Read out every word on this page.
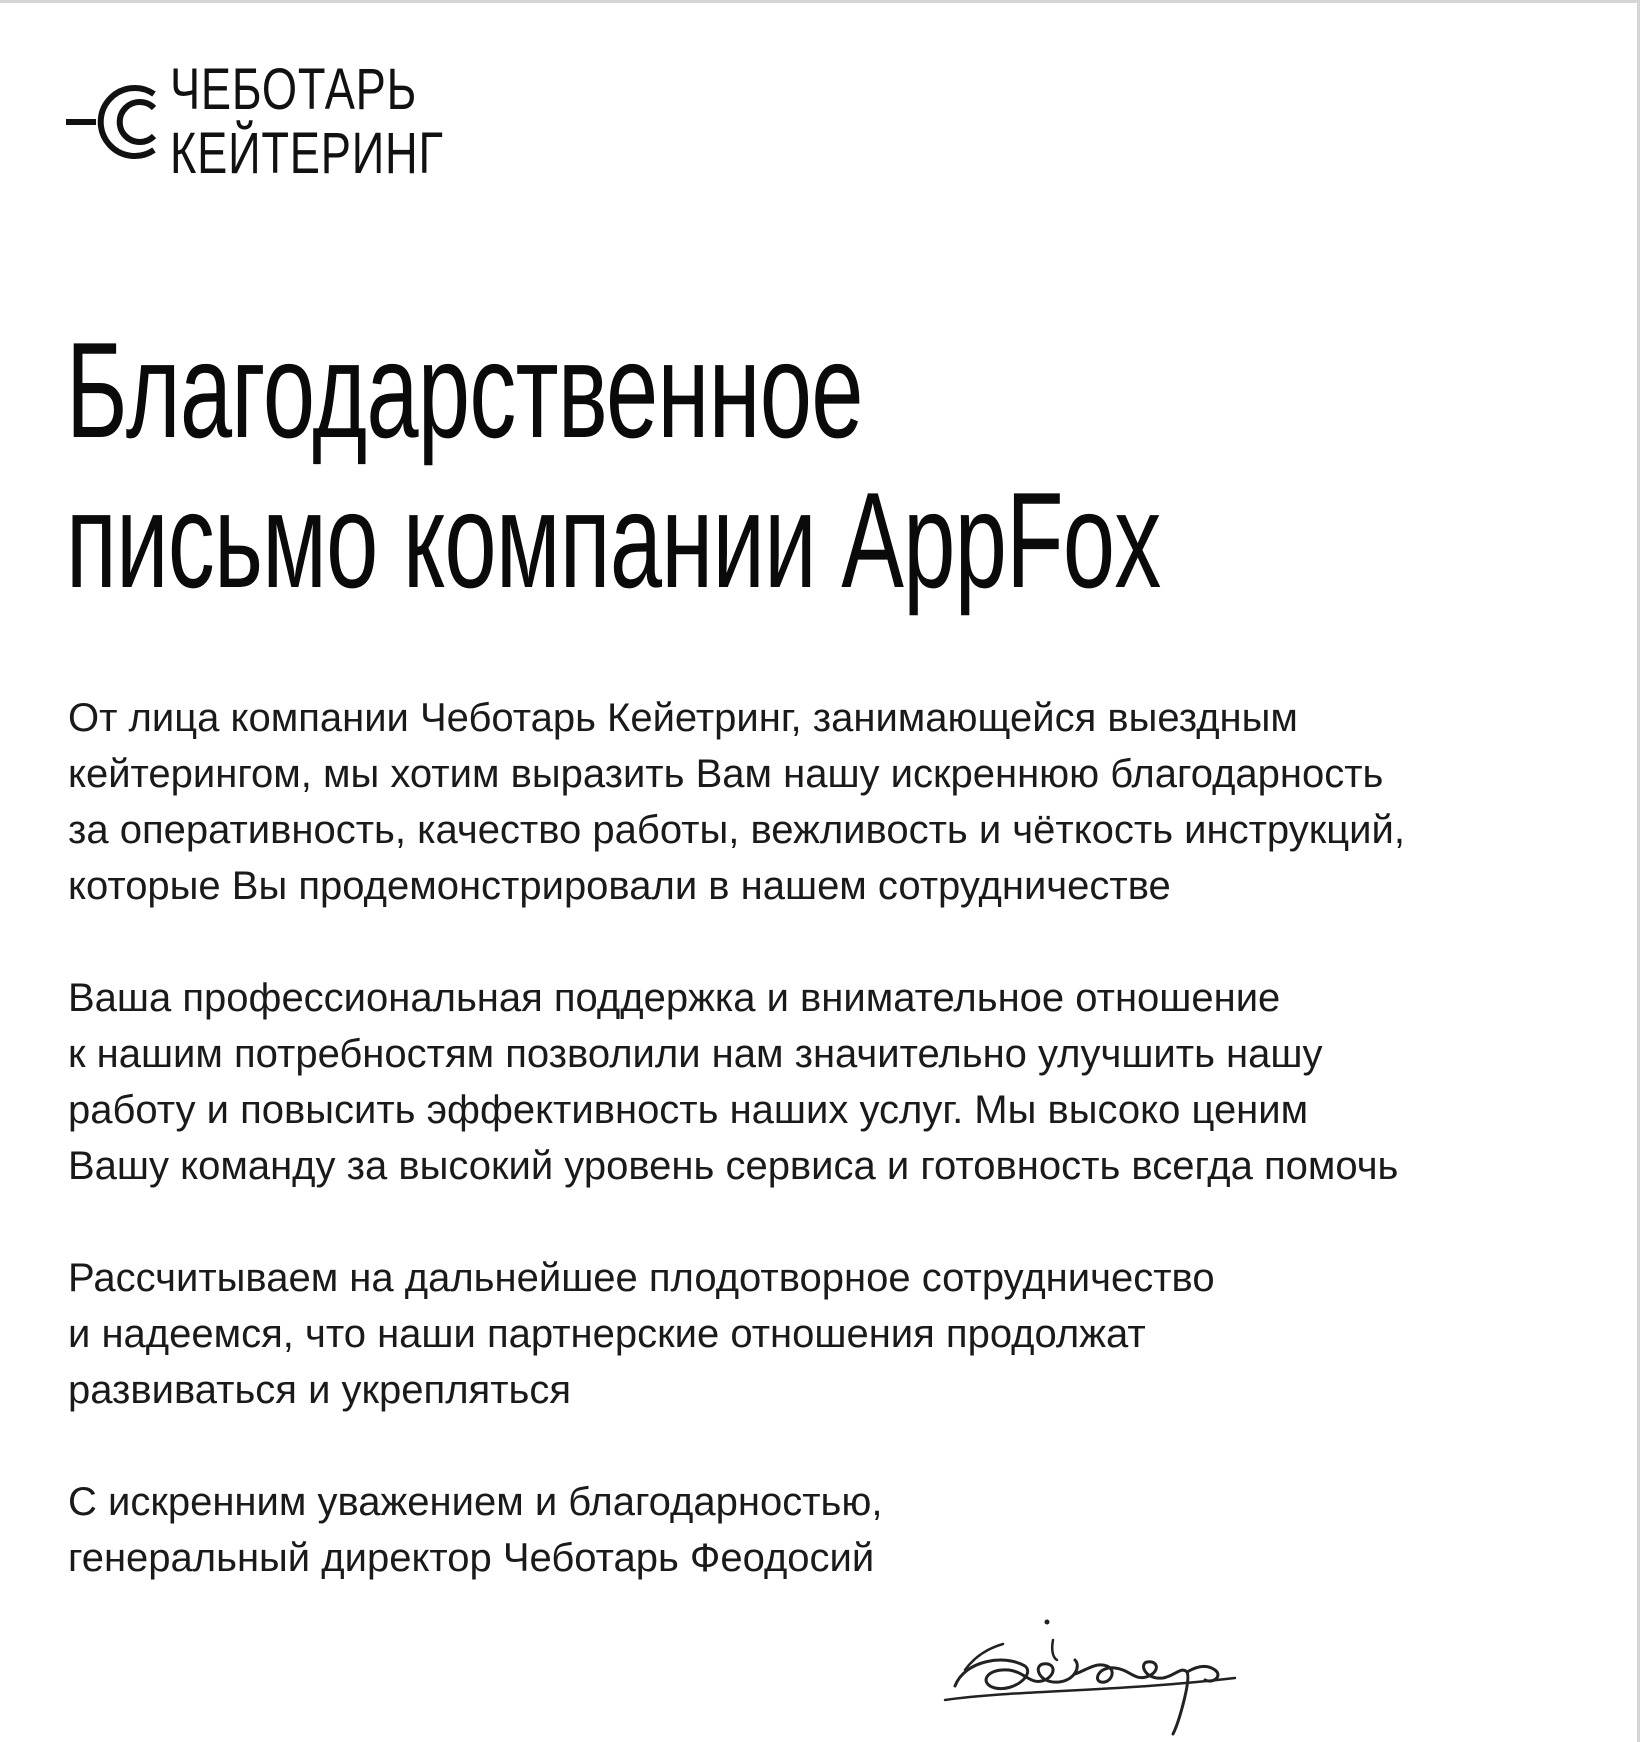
ЧЕБОТАРЬ
КЕЙТЕРИНГ
Благодарственное
письмо компании AppFox

От лица компании Чеботарь Кейетринг, занимающейся выездным
кейтерингом, мы хотим выразить Вам нашу искреннюю благодарность
за оперативность, качество работы, вежливость и чёткость инструкций,
которые Вы продемонстрировали в нашем сотрудничестве

Ваша профессиональная поддержка и внимательное отношение
к нашим потребностям позволили нам значительно улучшить нашу
работу и повысить эффективность наших услуг. Мы высоко ценим
Вашу команду за высокий уровень сервиса и готовность всегда помочь

Рассчитываем на дальнейшее плодотворное сотрудничество
и надеемся, что наши партнерские отношения продолжат
развиваться и укрепляться

С искренним уважением и благодарностью,
генеральный директор Чеботарь Феодосий
